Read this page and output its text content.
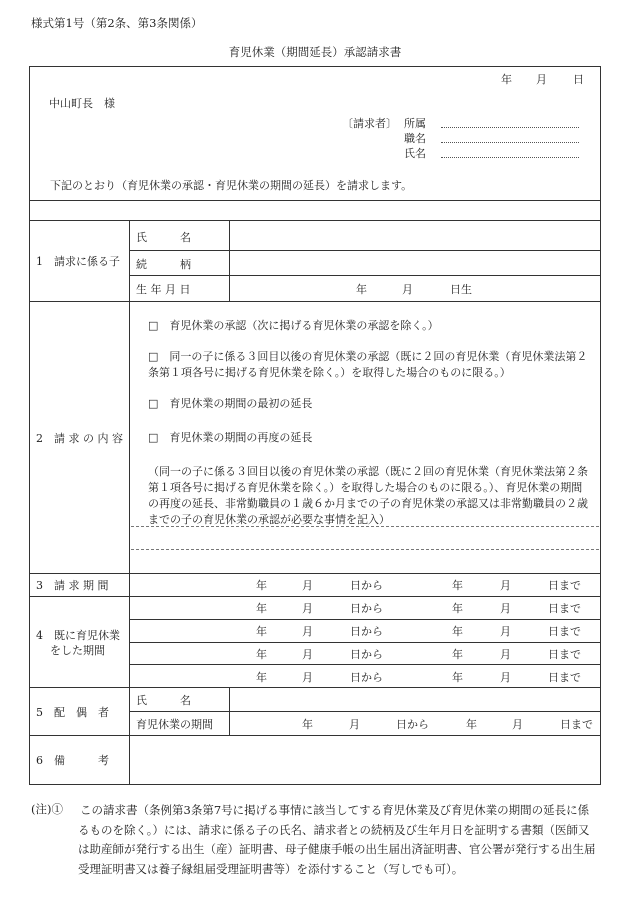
様式第1号（第2条、第3条関係）
育児休業（期間延長）承認請求書
年 月 日
中山町長　様
〔請求者〕 所属
職名
氏名
下記のとおり（育児休業の承認・育児休業の期間の延長）を請求します。
1　請求に係る子
氏　　　名
続　　　柄
生 年 月 日	年	月	日生
2　請 求 の 内 容
□　育児休業の承認（次に掲げる育児休業の承認を除く。）
□　同一の子に係る３回目以後の育児休業の承認（既に２回の育児休業（育児休業法第２条第１項各号に掲げる育児休業を除く。）を取得した場合のものに限る。）
□　育児休業の期間の最初の延長
□　育児休業の期間の再度の延長
（同一の子に係る３回目以後の育児休業の承認（既に２回の育児休業（育児休業法第２条第１項各号に掲げる育児休業を除く。）を取得した場合のものに限る。）、育児休業の期間の再度の延長、非常勤職員の１歳６か月までの子の育児休業の承認又は非常勤職員の２歳までの子の育児休業の承認が必要な事情を記入）
3　請 求 期 間	年	月	日から	年	月	日まで
4　既に育児休業
をした期間
年	月	日から	年	月	日まで
年	月	日から	年	月	日まで
年	月	日から	年	月	日まで
年	月	日から	年	月	日まで
5　配　偶　者
氏　　　名
育児休業の期間	年	月	日から	年	月	日まで
6　備　　　考
(注)① この請求書（条例第3条第7号に掲げる事情に該当してする育児休業及び育児休業の期間の延長に係るものを除く。）には、請求に係る子の氏名、請求者との続柄及び生年月日を証明する書類（医師又は助産師が発行する出生（産）証明書、母子健康手帳の出生届出済証明書、官公署が発行する出生届受理証明書又は養子縁組届受理証明書等）を添付すること（写しでも可）。
